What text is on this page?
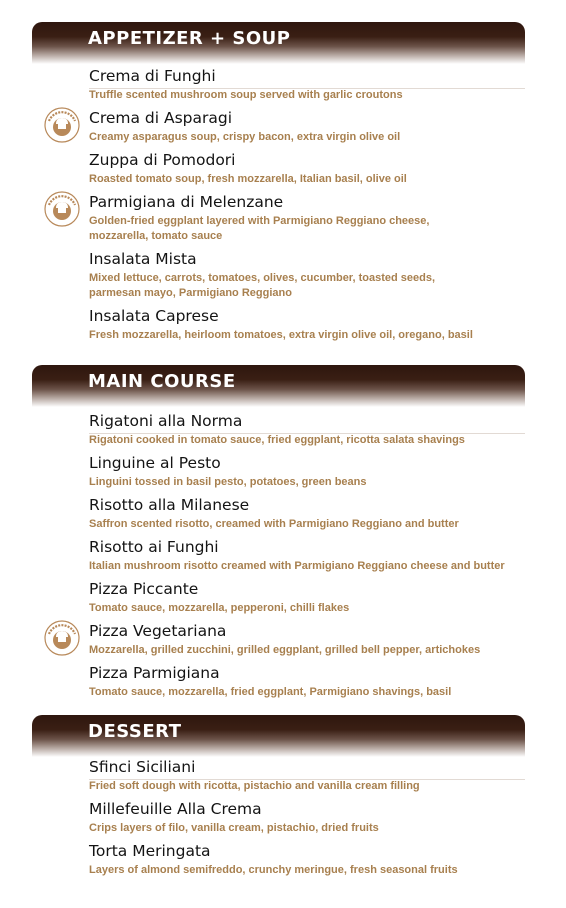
APPETIZER + SOUP
Crema di Funghi
Truffle scented mushroom soup served with garlic croutons
Crema di Asparagi
Creamy asparagus soup, crispy bacon, extra virgin olive oil
Zuppa di Pomodori
Roasted tomato soup, fresh mozzarella, Italian basil, olive oil
Parmigiana di Melenzane
Golden-fried eggplant layered with Parmigiano Reggiano cheese, mozzarella, tomato sauce
Insalata Mista
Mixed lettuce, carrots, tomatoes, olives, cucumber, toasted seeds, parmesan mayo, Parmigiano Reggiano
Insalata Caprese
Fresh mozzarella, heirloom tomatoes, extra virgin olive oil, oregano, basil
MAIN COURSE
Rigatoni alla Norma
Rigatoni cooked in tomato sauce, fried eggplant, ricotta salata shavings
Linguine al Pesto
Linguini tossed in basil pesto, potatoes, green beans
Risotto alla Milanese
Saffron scented risotto, creamed with Parmigiano Reggiano and butter
Risotto ai Funghi
Italian mushroom risotto creamed with Parmigiano Reggiano cheese and butter
Pizza Piccante
Tomato sauce, mozzarella, pepperoni, chilli flakes
Pizza Vegetariana
Mozzarella, grilled zucchini, grilled eggplant, grilled bell pepper, artichokes
Pizza Parmigiana
Tomato sauce, mozzarella, fried eggplant, Parmigiano shavings, basil
DESSERT
Sfinci Siciliani
Fried soft dough with ricotta, pistachio and vanilla cream filling
Millefeuille Alla Crema
Crips layers of filo, vanilla cream, pistachio, dried fruits
Torta Meringata
Layers of almond semifreddo, crunchy meringue, fresh seasonal fruits
